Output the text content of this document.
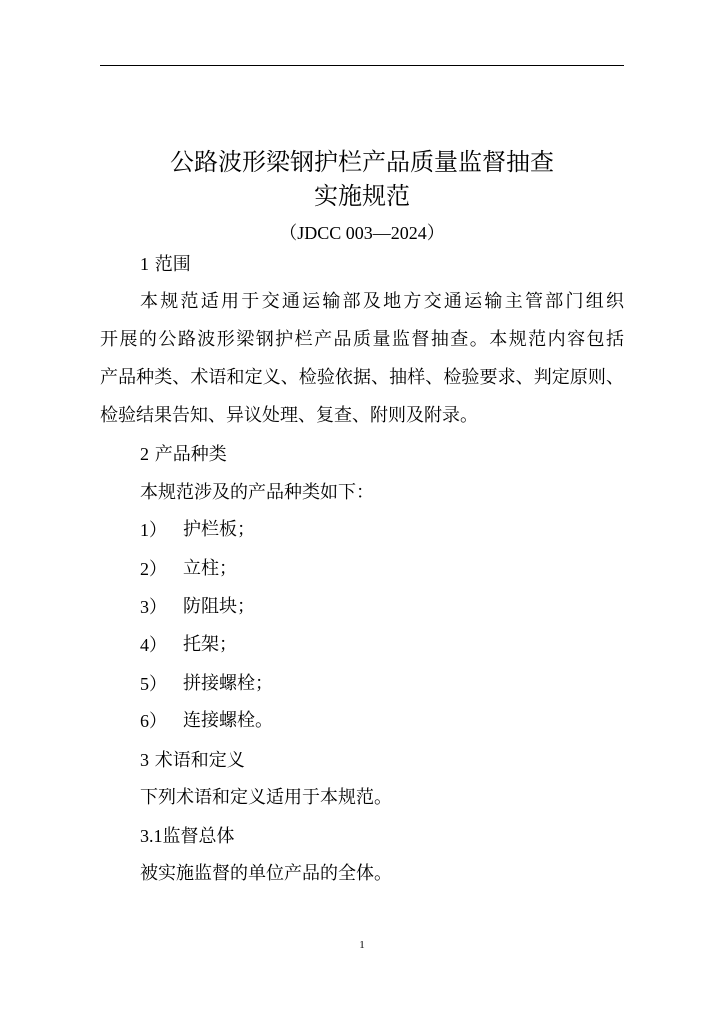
公路波形梁钢护栏产品质量监督抽查
实施规范
（JDCC 003—2024）
1 范围
本规范适用于交通运输部及地方交通运输主管部门组织
开展的公路波形梁钢护栏产品质量监督抽查。本规范内容包括
产品种类、术语和定义、检验依据、抽样、检验要求、判定原则、
检验结果告知、异议处理、复查、附则及附录。
2 产品种类
本规范涉及的产品种类如下：
1） 护栏板；
2） 立柱；
3） 防阻块；
4） 托架；
5） 拼接螺栓；
6） 连接螺栓。
3 术语和定义
下列术语和定义适用于本规范。
3.1监督总体
被实施监督的单位产品的全体。
1
